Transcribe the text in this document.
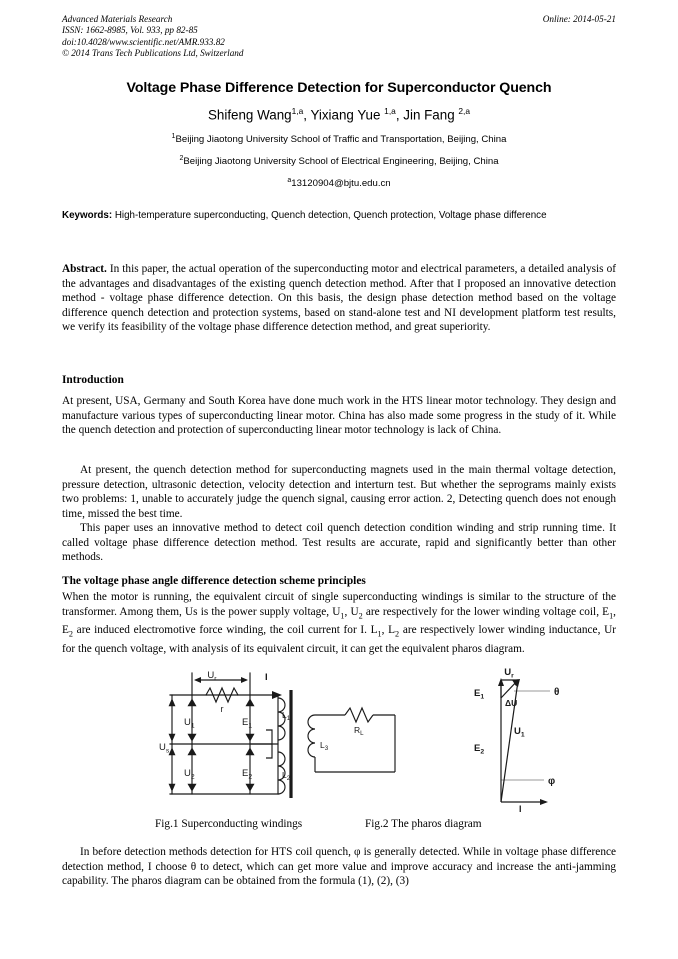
Advanced Materials Research	Online: 2014-05-21
ISSN: 1662-8985, Vol. 933, pp 82-85
doi:10.4028/www.scientific.net/AMR.933.82
© 2014 Trans Tech Publications Ltd, Switzerland
Voltage Phase Difference Detection for Superconductor Quench
Shifeng Wang$^{1,a}$, Yixiang Yue $^{1,a}$, Jin Fang $^{2,a}$
$^1$Beijing Jiaotong University School of Traffic and Transportation, Beijing, China
$^2$Beijing Jiaotong University School of Electrical Engineering, Beijing, China
$^a$13120904@bjtu.edu.cn
Keywords: High-temperature superconducting, Quench detection, Quench protection, Voltage phase difference
Abstract. In this paper, the actual operation of the superconducting motor and electrical parameters, a detailed analysis of the advantages and disadvantages of the existing quench detection method. After that I proposed an innovative detection method - voltage phase difference detection. On this basis, the design phase detection method based on the voltage difference quench detection and protection systems, based on stand-alone test and NI development platform test results, we verify its feasibility of the voltage phase difference detection method, and great superiority.
Introduction

At present, USA, Germany and South Korea have done much work in the HTS linear motor technology. They design and manufacture various types of superconducting linear motor. China has also made some progress in the study of it. While the quench detection and protection of superconducting linear motor technology is lack of China.

At present, the quench detection method for superconducting magnets used in the main thermal voltage detection, pressure detection, ultrasonic detection, velocity detection and interturn test. But whether the seprograms mainly exists two problems: 1, unable to accurately judge the quench signal, causing error action. 2, Detecting quench does not enough time, missed the best time.

This paper uses an innovative method to detect coil quench detection condition winding and strip running time. It called voltage phase difference detection method. Test results are accurate, rapid and significantly better than other methods.

The voltage phase angle difference detection scheme principles

When the motor is running, the equivalent circuit of single superconducting windings is similar to the structure of the transformer. Among them, Us is the power supply voltage, $U_1$, $U_2$ are respectively for the lower winding voltage coil, $E_1$, $E_2$ are induced electromotive force winding, the coil current for I. $L_1$, $L_2$ are respectively lower winding inductance, Ur for the quench voltage, with analysis of its equivalent circuit, it can get the equivalent pharos diagram.

$U_r$	I
r
$U_s$
$U_1$
$U_2$
$E_1$
$E_2$
$L_1$
$L_2$
$L_3$
$R_L$
$U_r$
$E_1$
$E_2$
ΔU
$U_1$
θ
φ
I
Fig.1 Superconducting windings	Fig.2 The pharos diagram

In before detection methods detection for HTS coil quench, φ is generally detected. While in voltage phase difference detection method, I choose θ to detect, which can get more value and improve accuracy and increase the anti-jamming capability. The pharos diagram can be obtained from the formula (1), (2), (3)
